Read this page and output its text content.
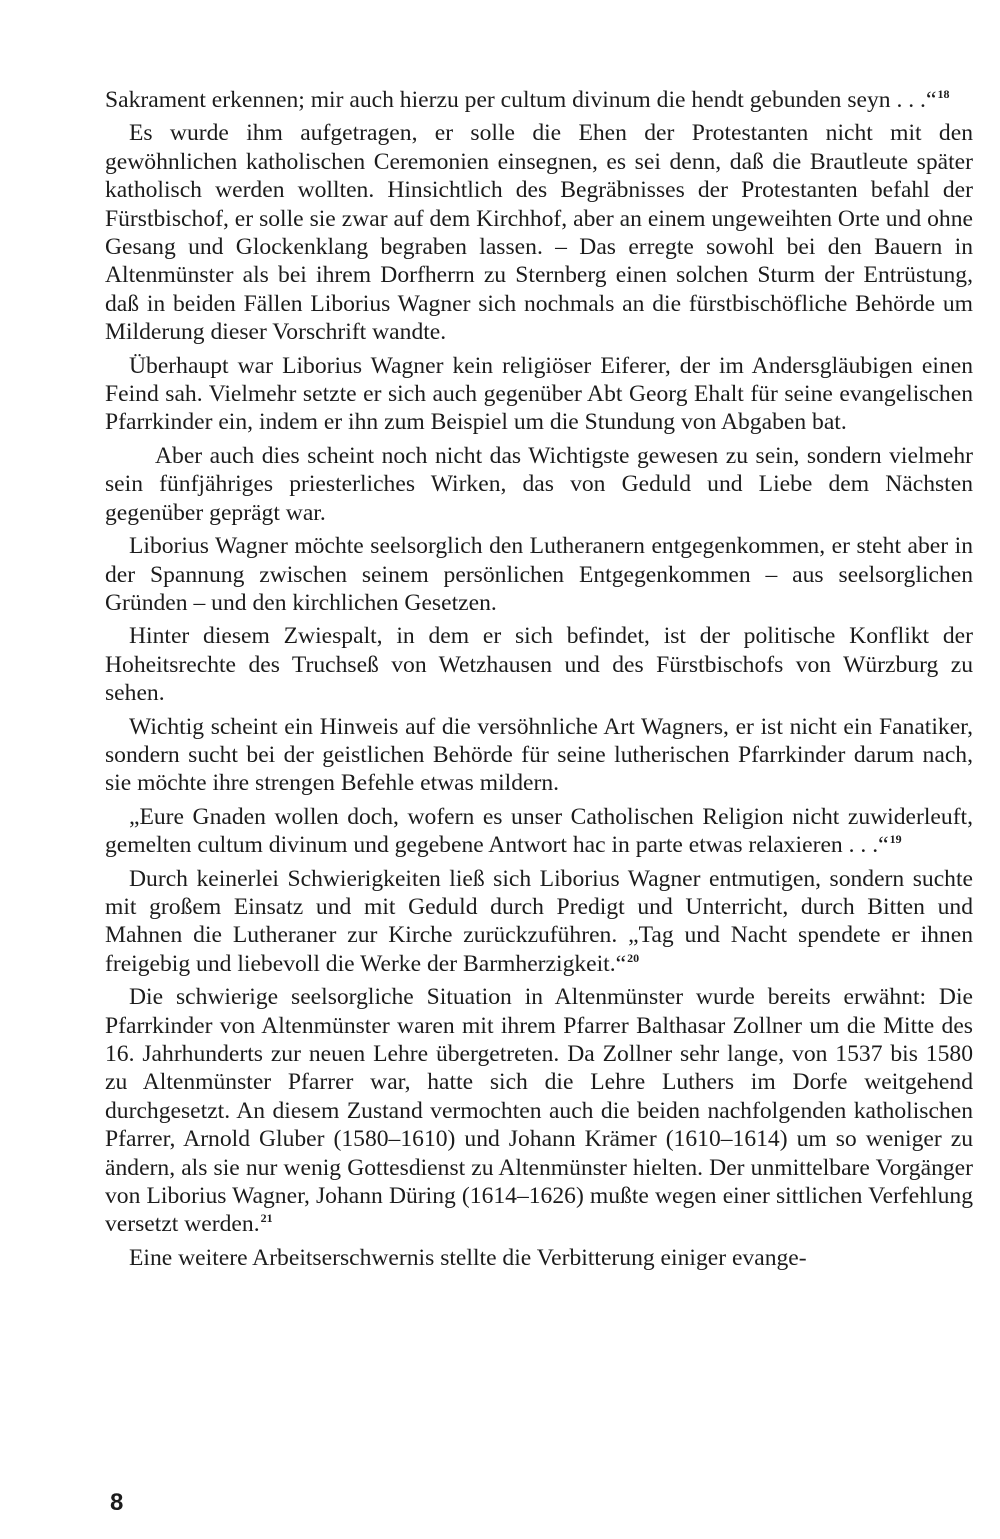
Sakrament erkennen; mir auch hierzu per cultum divinum die hendt gebunden seyn . . .“$^{18}$

Es wurde ihm aufgetragen, er solle die Ehen der Protestanten nicht mit den gewöhnlichen katholischen Ceremonien einsegnen, es sei denn, daß die Brautleute später katholisch werden wollten. Hinsichtlich des Begräbnisses der Protestanten befahl der Fürstbischof, er solle sie zwar auf dem Kirchhof, aber an einem ungeweihten Orte und ohne Gesang und Glockenklang begraben lassen. – Das erregte sowohl bei den Bauern in Altenmünster als bei ihrem Dorfherrn zu Sternberg einen solchen Sturm der Entrüstung, daß in beiden Fällen Liborius Wagner sich nochmals an die fürstbischöfliche Behörde um Milderung dieser Vorschrift wandte.

Überhaupt war Liborius Wagner kein religiöser Eiferer, der im Andersgläubigen einen Feind sah. Vielmehr setzte er sich auch gegenüber Abt Georg Ehalt für seine evangelischen Pfarrkinder ein, indem er ihn zum Beispiel um die Stundung von Abgaben bat.

Aber auch dies scheint noch nicht das Wichtigste gewesen zu sein, sondern vielmehr sein fünfjähriges priesterliches Wirken, das von Geduld und Liebe dem Nächsten gegenüber geprägt war.

Liborius Wagner möchte seelsorglich den Lutheranern entgegenkommen, er steht aber in der Spannung zwischen seinem persönlichen Entgegenkommen – aus seelsorglichen Gründen – und den kirchlichen Gesetzen.

Hinter diesem Zwiespalt, in dem er sich befindet, ist der politische Konflikt der Hoheitsrechte des Truchseß von Wetzhausen und des Fürstbischofs von Würzburg zu sehen.

Wichtig scheint ein Hinweis auf die versöhnliche Art Wagners, er ist nicht ein Fanatiker, sondern sucht bei der geistlichen Behörde für seine lutherischen Pfarrkinder darum nach, sie möchte ihre strengen Befehle etwas mildern.

„Eure Gnaden wollen doch, wofern es unser Catholischen Religion nicht zuwiderleuft, gemelten cultum divinum und gegebene Antwort hac in parte etwas relaxieren . . .“$^{19}$

Durch keinerlei Schwierigkeiten ließ sich Liborius Wagner entmutigen, sondern suchte mit großem Einsatz und mit Geduld durch Predigt und Unterricht, durch Bitten und Mahnen die Lutheraner zur Kirche zurückzuführen. „Tag und Nacht spendete er ihnen freigebig und liebevoll die Werke der Barmherzigkeit.“$^{20}$

Die schwierige seelsorgliche Situation in Altenmünster wurde bereits erwähnt: Die Pfarrkinder von Altenmünster waren mit ihrem Pfarrer Balthasar Zollner um die Mitte des 16. Jahrhunderts zur neuen Lehre übergetreten. Da Zollner sehr lange, von 1537 bis 1580 zu Altenmünster Pfarrer war, hatte sich die Lehre Luthers im Dorfe weitgehend durchgesetzt. An diesem Zustand vermochten auch die beiden nachfolgenden katholischen Pfarrer, Arnold Gluber (1580–1610) und Johann Krämer (1610–1614) um so weniger zu ändern, als sie nur wenig Gottesdienst zu Altenmünster hielten. Der unmittelbare Vorgänger von Liborius Wagner, Johann Düring (1614–1626) mußte wegen einer sittlichen Verfehlung versetzt werden.$^{21}$

Eine weitere Arbeitserschwernis stellte die Verbitterung einiger evange-

8
